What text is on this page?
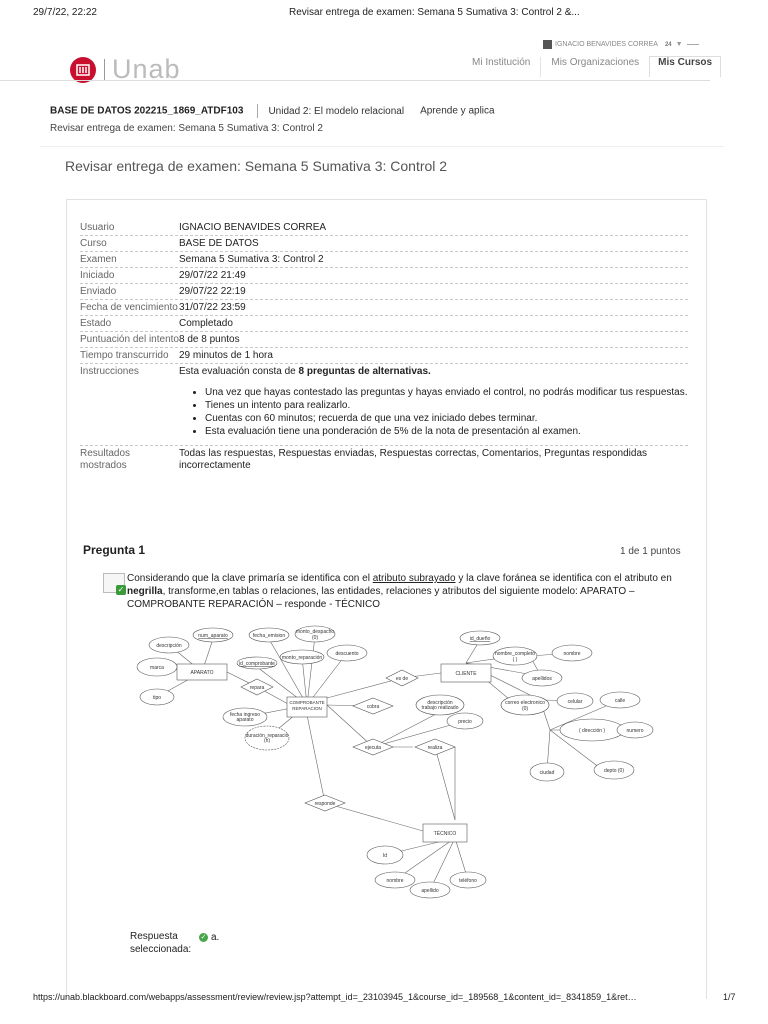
29/7/22, 22:22	Revisar entrega de examen: Semana 5 Sumativa 3: Control 2 &...
Unab
IGNACIO BENAVIDES CORREA 24 ▼
Mi Institución	Mis Organizaciones	Mis Cursos
BASE DE DATOS 202215_1869_ATDF103	Unidad 2: El modelo relacional Aprende y aplica
Revisar entrega de examen: Semana 5 Sumativa 3: Control 2
Revisar entrega de examen: Semana 5 Sumativa 3: Control 2
Usuario	IGNACIO BENAVIDES CORREA
Curso	BASE DE DATOS
Examen	Semana 5 Sumativa 3: Control 2
Iniciado	29/07/22 21:49
Enviado	29/07/22 22:19
Fecha de vencimiento 31/07/22 23:59
Estado	Completado
Puntuación del intento 8 de 8 puntos
Tiempo transcurrido	29 minutos de 1 hora
Instrucciones	Esta evaluación consta de 8 preguntas de alternativas.
• Una vez que hayas contestado las preguntas y hayas enviado el control, no podrás modificar tus respuestas.
• Tienes un intento para realizarlo.
• Cuentas con 60 minutos; recuerda de que una vez iniciado debes terminar.
• Esta evaluación tiene una ponderación de 5% de la nota de presentación al examen.
Resultados mostrados
Todas las respuestas, Respuestas enviadas, Respuestas correctas, Comentarios, Preguntas respondidas incorrectamente
Pregunta 1	1 de 1 puntos
✓
Considerando que la clave primaría se identifica con el atributo subrayado y la clave foránea se identifica con el atributo en negrilla, transforme,en tablas o relaciones, las entidades, relaciones y atributos del siguiente modelo: APARATO – COMPROBANTE REPARACIÓN – responde - TÉCNICO
APARATO
COMPROBANTE
REPARACION
CLIENTE
TÉCNICO
repara
es de
cobra
ejecuta	realiza
responde
descripción
num_aparato
marca
tipo
fecha_emision
monto_despacho
(0)
id_comprobante
monto_reparación
descuento
fecha ingreso
aparato
duración_reparació
(h)
id_dueño
nombre_completo
( )
nombre
apellidos
correo electronico
(0)
celular	calle
( dirección )	numero
depto (0)
ciudad
descripción
trabajo realizado
precio
Id
nombre
apellido
teléfono
Respuesta seleccionada:
✓ a.
https://unab.blackboard.com/webapps/assessment/review/review.jsp?attempt_id=_23103945_1&course_id=_189568_1&content_id=_8341859_1&ret…	1/7
